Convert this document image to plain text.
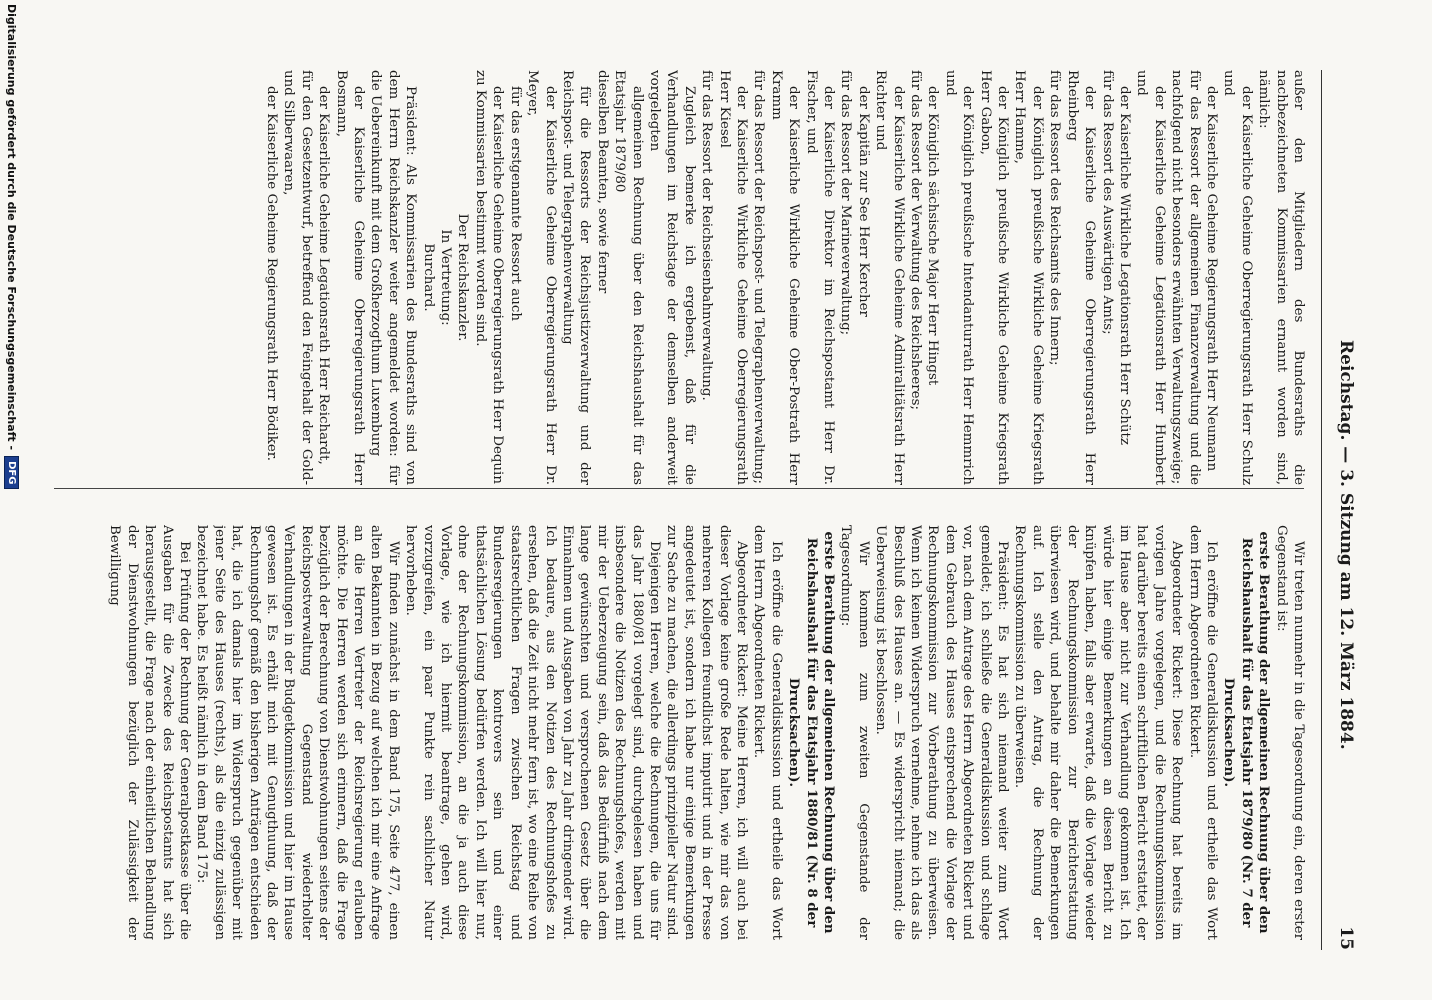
Reichstag. — 3. Sitzung am 12. März 1884.
15

außer den Mitgliedern des Bundesraths die nachbezeichneten Kommissarien ernannt worden sind, nämlich:

der Kaiserliche Geheime Oberregierungsrath Herr Schulz und

der Kaiserliche Geheime Regierungsrath Herr Neumann

für das Ressort der allgemeinen Finanzverwaltung und die nachfolgend nicht besonders erwähnten Verwaltungszweige;

der Kaiserliche Geheime Legationsrath Herr Humbert und

der Kaiserliche Wirkliche Legationsrath Herr Schütz

für das Ressort des Auswärtigen Amts;

der Kaiserliche Geheime Oberregierungsrath Herr Rheinberg

für das Ressort des Reichsamts des Innern;

der Königlich preußische Wirkliche Geheime Kriegsrath Herr Hamme,

der Königlich preußische Wirkliche Geheime Kriegsrath Herr Gabon,

der Königlich preußische Intendanturrath Herr Hemmrich und

der Königlich sächsische Major Herr Hingst

für das Ressort der Verwaltung des Reichsheeres;

der Kaiserliche Wirkliche Geheime Admiralitätsrath Herr Richter und

der Kapitän zur See Herr Kercher

für das Ressort der Marineverwaltung;

der Kaiserliche Direktor im Reichspostamt Herr Dr. Fischer, und

der Kaiserliche Wirkliche Geheime Ober-Postrath Herr Kramm

für das Ressort der Reichspost- und Telegraphenverwaltung;

der Kaiserliche Wirkliche Geheime Oberregierungsrath Herr Kiesel

für das Ressort der Reichseisenbahnverwaltung.

Zugleich bemerke ich ergebenst, daß für die Verhandlungen im Reichstage der demselben anderweit vorgelegten

allgemeinen Rechnung über den Reichshaushalt für das Etatsjahr 1879/80

dieselben Beamten, sowie ferner

für die Ressorts der Reichsjustizverwaltung und der Reichspost- und Telegraphenverwaltung

der Kaiserliche Geheime Oberregierungsrath Herr Dr. Meyer,

für das erstgenannte Ressort auch

der Kaiserliche Geheime Oberregierungsrath Herr Dequin

zu Kommissarien bestimmt worden sind.

Der Reichskanzler.

In Vertretung:

Burchard.

Präsident: Als Kommissarien des Bundesraths sind von dem Herrn Reichskanzler weiter angemeldet worden: für die Uebereinkunft mit dem Großherzogthum Luxemburg

der Kaiserliche Geheime Oberregierungsrath Herr Bosmann,

der Kaiserliche Geheime Legationsrath Herr Reichardt,

für den Gesetzentwurf, betreffend den Feingehalt der Gold- und Silberwaaren,

der Kaiserliche Geheime Regierungsrath Herr Bödiker.

Wir treten nunmehr in die Tagesordnung ein, deren erster Gegenstand ist:

erste Berathung der allgemeinen Rechnung über den Reichshaushalt für das Etatsjahr 1879/80 (Nr. 7 der Drucksachen).

Ich eröffne die Generaldiskussion und ertheile das Wort dem Herrn Abgeordneten Rickert.

Abgeordneter Rickert: Diese Rechnung hat bereits im vorigen Jahre vorgelegen, und die Rechnungskommission hat darüber bereits einen schriftlichen Bericht erstattet, der im Hause aber nicht zur Verhandlung gekommen ist. Ich würde hier einige Bemerkungen an diesen Bericht zu knüpfen haben, falls aber erwarte, daß die Vorlage wieder der Rechnungskommission zur Berichterstattung überwiesen wird, und behalte mir daher die Bemerkungen auf. Ich stelle den Antrag, die Rechnung der Rechnungskommission zu überweisen.

Präsident: Es hat sich niemand weiter zum Wort gemeldet; ich schließe die Generaldiskussion und schlage vor, nach dem Antrage des Herrn Abgeordneten Rickert und dem Gebrauch des Hauses entsprechend die Vorlage der Rechnungskommission zur Vorberathung zu überweisen. Wenn ich keinen Widerspruch vernehme, nehme ich das als Beschluß des Hauses an. — Es widerspricht niemand; die Ueberweisung ist beschlossen.

Wir kommen zum zweiten Gegenstande der Tagesordnung:

erste Berathung der allgemeinen Rechnung über den Reichshaushalt für das Etatsjahr 1880/81 (Nr. 8 der Drucksachen).

Ich eröffne die Generaldiskussion und ertheile das Wort dem Herrn Abgeordneten Rickert.

Abgeordneter Rickert: Meine Herren, ich will auch bei dieser Vorlage keine große Rede halten, wie mir das von mehreren Kollegen freundlichst imputirt und in der Presse angedeutet ist, sondern ich habe nur einige Bemerkungen zur Sache zu machen, die allerdings prinzipieller Natur sind.

Diejenigen Herren, welche die Rechnungen, die uns für das Jahr 1880/81 vorgelegt sind, durchgelesen haben und insbesondere die Notizen des Rechnungshofes, werden mit mir der Ueberzeugung sein, daß das Bedürfniß nach dem lange gewünschten und versprochenen Gesetz über die Einnahmen und Ausgaben von Jahr zu Jahr dringender wird. Ich bedaure, aus den Notizen des Rechnungshofes zu ersehen, daß die Zeit nicht mehr fern ist, wo eine Reihe von staatsrechtlichen Fragen zwischen Reichstag und Bundesregierungen kontrovers sein und einer thatsächlichen Lösung bedürfen werden. Ich will hier nur, ohne der Rechnungskommission, an die ja auch diese Vorlage, wie ich hiermit beantrage, gehen wird, vorzugreifen, ein paar Punkte rein sachlicher Natur hervorheben.

Wir finden zunächst in dem Band 175, Seite 477, einen alten Bekannten in Bezug auf welchen ich mir eine Anfrage an die Herren Vertreter der Reichsregierung erlauben möchte. Die Herren werden sich erinnern, daß die Frage bezüglich der Berechnung von Dienstwohnungen seitens der Reichspostverwaltung Gegenstand wiederholter Verhandlungen in der Budgetkommission und hier im Hause gewesen ist. Es erhält mich mit Genugthuung, daß der Rechnungshof gemäß den bisherigen Anträgen entschieden hat, die ich damals hier im Widerspruch gegenüber mit jener Seite des Hauses (rechts), als die einzig zulässigen bezeichnet habe. Es heißt nämlich in dem Band 175:

Bei Prüfung der Rechnung der Generalpostkasse über die Ausgaben für die Zwecke des Reichspostamts hat sich herausgestellt, die Frage nach der einheitlichen Behandlung der Dienstwohnungen bezüglich der Zulässigkeit der Bewilligung

Digitalisierung gefördert durch die Deutsche Forschungsgemeinschaft -
DFG
